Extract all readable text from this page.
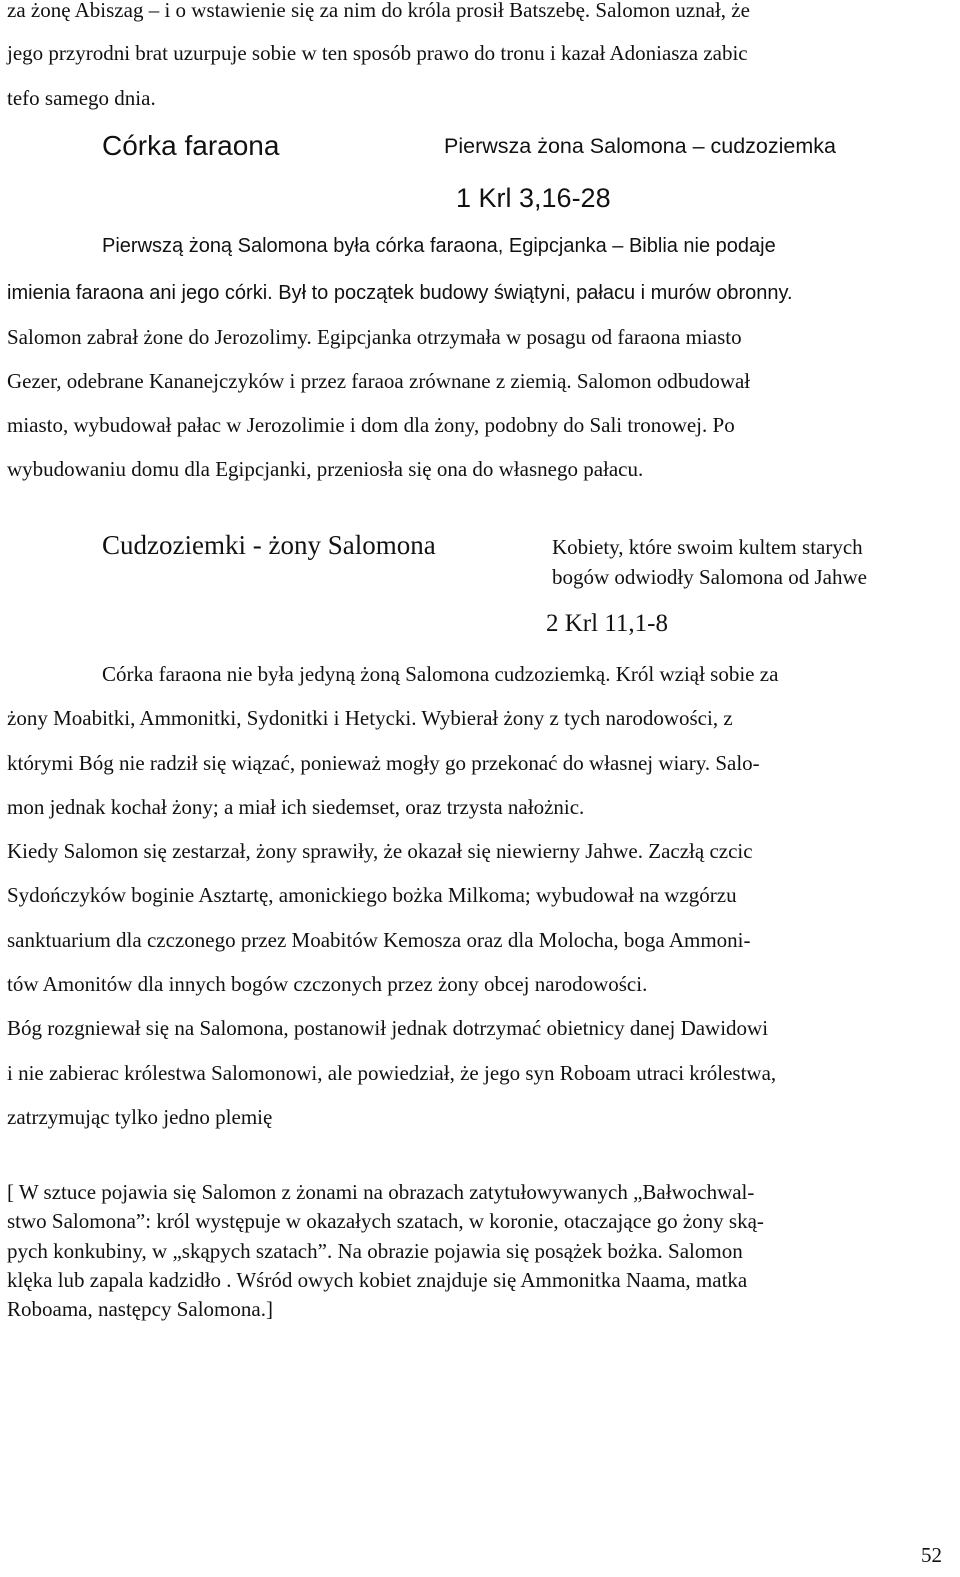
za żonę Abiszag – i o wstawienie się za nim do króla prosił Batszebę. Salomon uznał, że
jego przyrodni brat uzurpuje sobie w ten sposób prawo do tronu i kazał Adoniasza zabic
tefo samego dnia.
Córka faraona	Pierwsza żona Salomona – cudzoziemka
1 Krl 3,16-28
Pierwszą żoną Salomona była córka faraona, Egipcjanka – Biblia nie podaje
imienia faraona ani jego córki. Był to początek budowy świątyni, pałacu i murów obronny.
Salomon zabrał żone do Jerozolimy. Egipcjanka otrzymała w posagu od faraona miasto
Gezer, odebrane Kananejczyków i przez faraoa zrównane z ziemią. Salomon odbudował
miasto, wybudował pałac w Jerozolimie i dom dla żony, podobny do Sali tronowej. Po
wybudowaniu domu dla Egipcjanki, przeniosła się ona do własnego pałacu.
Cudzoziemki - żony Salomona	Kobiety, które swoim kultem starych
bogów odwiodły Salomona od Jahwe
2 Krl 11,1-8
Córka faraona nie była jedyną żoną Salomona cudzoziemką. Król wziął sobie za
żony Moabitki, Ammonitki, Sydonitki i Hetycki. Wybierał żony z tych narodowości, z
którymi Bóg nie radził się wiązać, ponieważ mogły go przekonać do własnej wiary. Salo-
mon jednak kochał żony; a miał ich siedemset, oraz trzysta nałożnic.
Kiedy Salomon się zestarzał, żony sprawiły, że okazał się niewierny Jahwe. Zaczłą czcic
Sydończyków boginie Asztartę, amonickiego bożka Milkoma; wybudował na wzgórzu
sanktuarium dla czczonego przez Moabitów Kemosza oraz dla Molocha, boga Ammoni-
tów Amonitów dla innych bogów czczonych przez żony obcej narodowości.
Bóg rozgniewał się na Salomona, postanowił jednak dotrzymać obietnicy danej Dawidowi
i nie zabierac królestwa Salomonowi, ale powiedział, że jego syn Roboam utraci królestwa,
zatrzymując tylko jedno plemię
[ W sztuce pojawia się Salomon z żonami na obrazach zatytułowywanych „Bałwochwal-
stwo Salomona”: król występuje w okazałych szatach, w koronie, otaczające go żony ską-
pych konkubiny, w „skąpych szatach”. Na obrazie pojawia się posążek bożka. Salomon
klęka lub zapala kadzidło . Wśród owych kobiet znajduje się Ammonitka Naama, matka
Roboama, następcy Salomona.]
52
